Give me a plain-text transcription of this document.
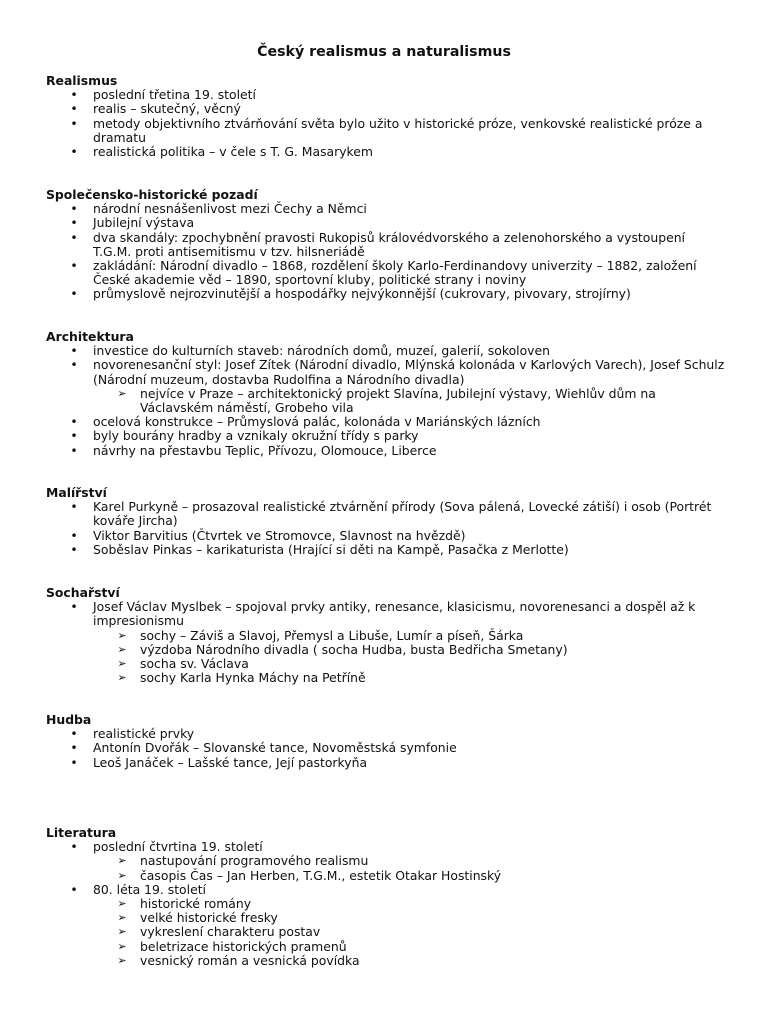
Český realismus a naturalismus
Realismus
• poslední třetina 19. století
• realis – skutečný, věcný
• metody objektivního ztvárňování světa bylo užito v historické próze, venkovské realistické próze a dramatu
• realistická politika – v čele s T. G. Masarykem
Společensko-historické pozadí
• národní nesnášenlivost mezi Čechy a Němci
• Jubilejní výstava
• dva skandály: zpochybnění pravosti Rukopisů královédvorského a zelenohorského a vystoupení T.G.M. proti antisemitismu v tzv. hilsneriádě
• zakládání: Národní divadlo – 1868, rozdělení školy Karlo-Ferdinandovy univerzity – 1882, založení České akademie věd – 1890, sportovní kluby, politické strany i noviny
• průmyslově nejrozvinutější a hospodářky nejvýkonnější (cukrovary, pivovary, strojírny)
Architektura
• investice do kulturních staveb: národních domů, muzeí, galerií, sokoloven
• novorenesanční styl: Josef Zítek (Národní divadlo, Mlýnská kolonáda v Karlových Varech), Josef Schulz (Národní muzeum, dostavba Rudolfina a Národního divadla)
➢ nejvíce v Praze – architektonický projekt Slavína, Jubilejní výstavy, Wiehlův dům na Václavském náměstí, Grobeho vila
• ocelová konstrukce – Průmyslová palác, kolonáda v Mariánských lázních
• byly bourány hradby a vznikaly okružní třídy s parky
• návrhy na přestavbu Teplic, Přívozu, Olomouce, Liberce
Malířství
• Karel Purkyně – prosazoval realistické ztvárnění přírody (Sova pálená, Lovecké zátiší) i osob (Portrét kováře Jircha)
• Viktor Barvitius (Čtvrtek ve Stromovce, Slavnost na hvězdě)
• Soběslav Pinkas – karikaturista (Hrající si děti na Kampě, Pasačka z Merlotte)
Sochařství
• Josef Václav Myslbek – spojoval prvky antiky, renesance, klasicismu, novorenesanci a dospěl až k impresionismu
➢ sochy – Záviš a Slavoj, Přemysl a Libuše, Lumír a píseň, Šárka
➢ výzdoba Národního divadla ( socha Hudba, busta Bedřicha Smetany)
➢ socha sv. Václava
➢ sochy Karla Hynka Máchy na Petříně
Hudba
• realistické prvky
• Antonín Dvořák – Slovanské tance, Novoměstská symfonie
• Leoš Janáček – Lašské tance, Její pastorkyňa
Literatura
• poslední čtvrtina 19. století
➢ nastupování programového realismu
➢ časopis Čas – Jan Herben, T.G.M., estetik Otakar Hostinský
• 80. léta 19. století
➢ historické romány
➢ velké historické fresky
➢ vykreslení charakteru postav
➢ beletrizace historických pramenů
➢ vesnický román a vesnická povídka
